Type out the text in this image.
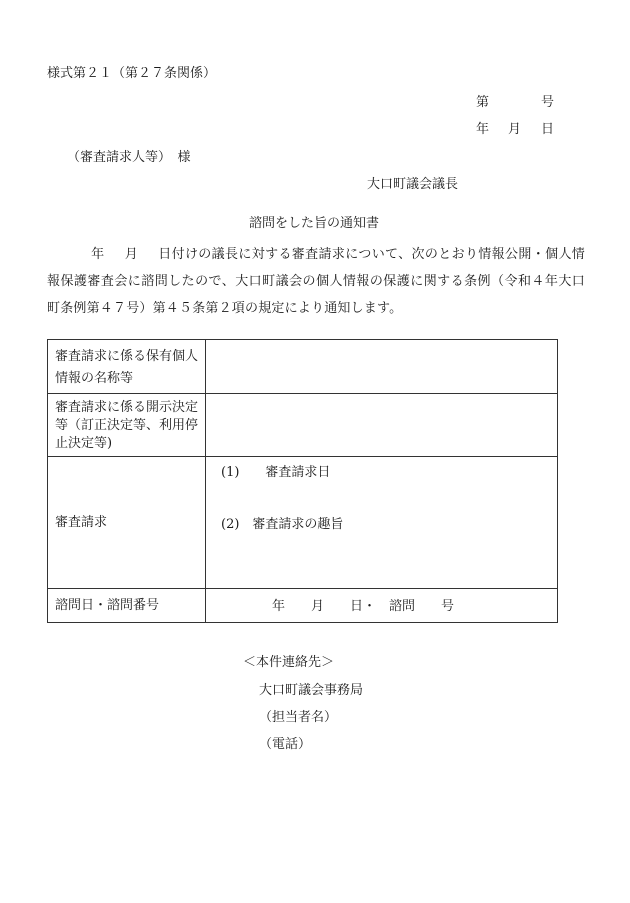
様式第２１（第２７条関係）
第	号
年 月 日
（審査請求人等）　様
大口町議会議長
諮問をした旨の通知書
年 月 日付けの議長に対する審査請求について、次のとおり情報公開・個人情報保護審査会に諮問したので、大口町議会の個人情報の保護に関する条例（令和４年大口町条例第４７号）第４５条第２項の規定により通知します。
審査請求に係る保有個人情報の名称等	
審査請求に係る開示決定等（訂正決定等、利用停止決定等)	
審査請求	(1)　　審査請求日
(2)　審査請求の趣旨

諮問日・諮問番号	年　　月　　日・　諮問　　号
＜本件連絡先＞
大口町議会事務局
（担当者名）
（電話）
